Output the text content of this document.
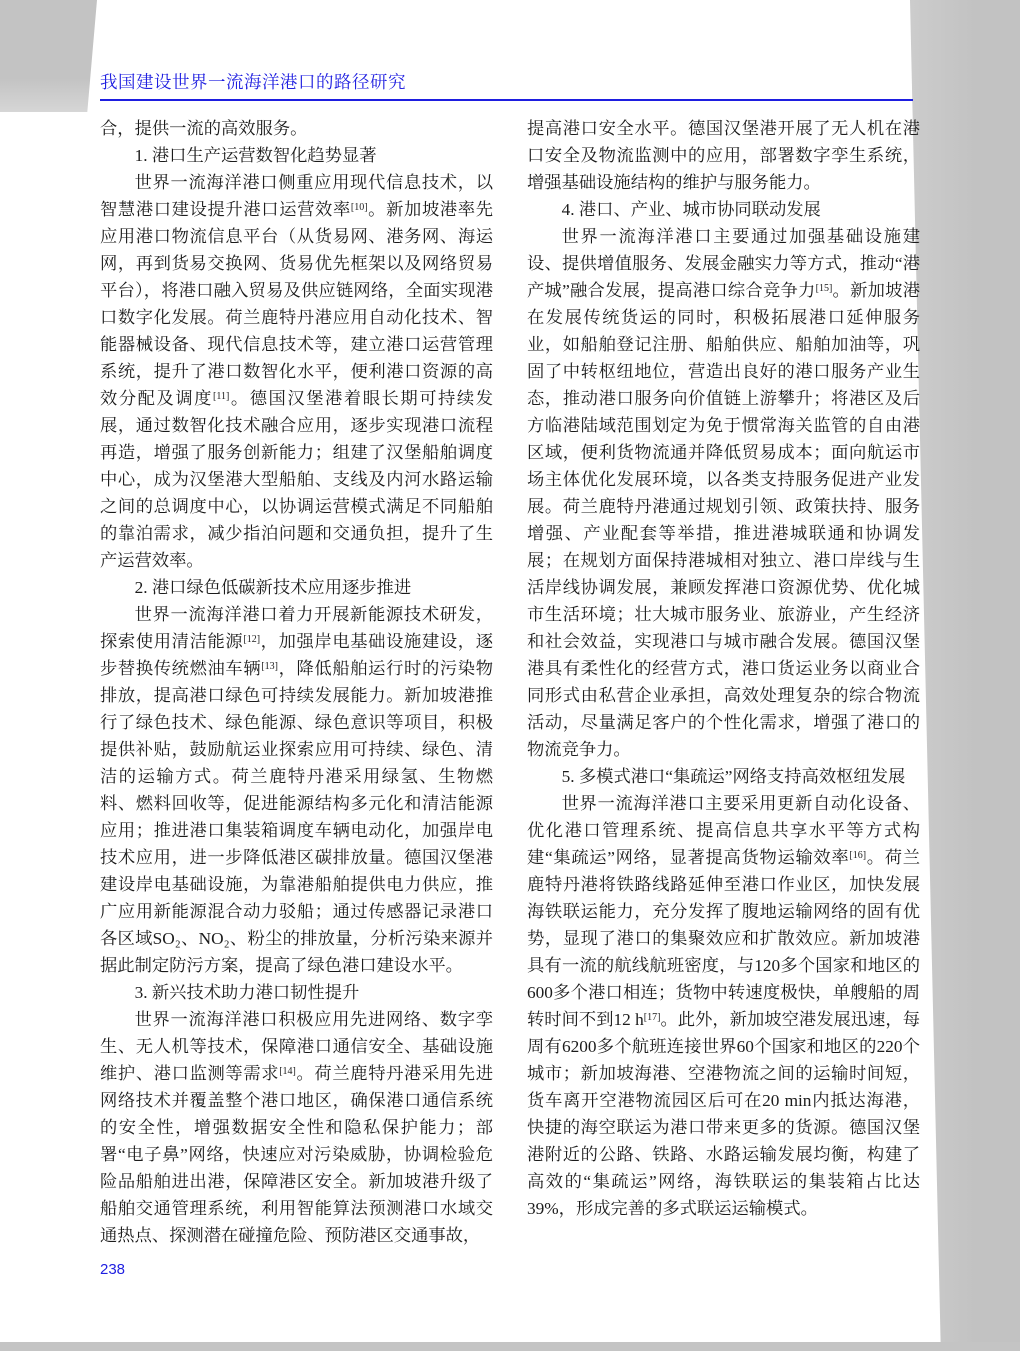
我国建设世界一流海洋港口的路径研究
合，提供一流的高效服务。
1. 港口生产运营数智化趋势显著
世界一流海洋港口侧重应用现代信息技术，以智慧港口建设提升港口运营效率[10]。新加坡港率先应用港口物流信息平台（从货易网、港务网、海运网，再到货易交换网、货易优先框架以及网络贸易平台），将港口融入贸易及供应链网络，全面实现港口数字化发展。荷兰鹿特丹港应用自动化技术、智能器械设备、现代信息技术等，建立港口运营管理系统，提升了港口数智化水平，便利港口资源的高效分配及调度[11]。德国汉堡港着眼长期可持续发展，通过数智化技术融合应用，逐步实现港口流程再造，增强了服务创新能力；组建了汉堡船舶调度中心，成为汉堡港大型船舶、支线及内河水路运输之间的总调度中心，以协调运营模式满足不同船舶的靠泊需求，减少指泊问题和交通负担，提升了生产运营效率。
2. 港口绿色低碳新技术应用逐步推进
世界一流海洋港口着力开展新能源技术研发，探索使用清洁能源[12]，加强岸电基础设施建设，逐步替换传统燃油车辆[13]，降低船舶运行时的污染物排放，提高港口绿色可持续发展能力。新加坡港推行了绿色技术、绿色能源、绿色意识等项目，积极提供补贴，鼓励航运业探索应用可持续、绿色、清洁的运输方式。荷兰鹿特丹港采用绿氢、生物燃料、燃料回收等，促进能源结构多元化和清洁能源应用；推进港口集装箱调度车辆电动化，加强岸电技术应用，进一步降低港区碳排放量。德国汉堡港建设岸电基础设施，为靠港船舶提供电力供应，推广应用新能源混合动力驳船；通过传感器记录港口各区域SO₂、NO₂、粉尘的排放量，分析污染来源并据此制定防污方案，提高了绿色港口建设水平。
3. 新兴技术助力港口韧性提升
世界一流海洋港口积极应用先进网络、数字孪生、无人机等技术，保障港口通信安全、基础设施维护、港口监测等需求[14]。荷兰鹿特丹港采用先进网络技术并覆盖整个港口地区，确保港口通信系统的安全性，增强数据安全性和隐私保护能力；部署“电子鼻”网络，快速应对污染威胁，协调检验危险品船舶进出港，保障港区安全。新加坡港升级了船舶交通管理系统，利用智能算法预测港口水域交通热点、探测潜在碰撞危险、预防港区交通事故，
提高港口安全水平。德国汉堡港开展了无人机在港口安全及物流监测中的应用，部署数字孪生系统，增强基础设施结构的维护与服务能力。
4. 港口、产业、城市协同联动发展
世界一流海洋港口主要通过加强基础设施建设、提供增值服务、发展金融实力等方式，推动“港产城”融合发展，提高港口综合竞争力[15]。新加坡港在发展传统货运的同时，积极拓展港口延伸服务业，如船舶登记注册、船舶供应、船舶加油等，巩固了中转枢纽地位，营造出良好的港口服务产业生态，推动港口服务向价值链上游攀升；将港区及后方临港陆域范围划定为免于惯常海关监管的自由港区域，便利货物流通并降低贸易成本；面向航运市场主体优化发展环境，以各类支持服务促进产业发展。荷兰鹿特丹港通过规划引领、政策扶持、服务增强、产业配套等举措，推进港城联通和协调发展；在规划方面保持港城相对独立、港口岸线与生活岸线协调发展，兼顾发挥港口资源优势、优化城市生活环境；壮大城市服务业、旅游业，产生经济和社会效益，实现港口与城市融合发展。德国汉堡港具有柔性化的经营方式，港口货运业务以商业合同形式由私营企业承担，高效处理复杂的综合物流活动，尽量满足客户的个性化需求，增强了港口的物流竞争力。
5. 多模式港口“集疏运”网络支持高效枢纽发展
世界一流海洋港口主要采用更新自动化设备、优化港口管理系统、提高信息共享水平等方式构建“集疏运”网络，显著提高货物运输效率[16]。荷兰鹿特丹港将铁路线路延伸至港口作业区，加快发展海铁联运能力，充分发挥了腹地运输网络的固有优势，显现了港口的集聚效应和扩散效应。新加坡港具有一流的航线航班密度，与120多个国家和地区的600多个港口相连；货物中转速度极快，单艘船的周转时间不到12 h[17]。此外，新加坡空港发展迅速，每周有6200多个航班连接世界60个国家和地区的220个城市；新加坡海港、空港物流之间的运输时间短，货车离开空港物流园区后可在20 min内抵达海港，快捷的海空联运为港口带来更多的货源。德国汉堡港附近的公路、铁路、水路运输发展均衡，构建了高效的“集疏运”网络，海铁联运的集装箱占比达39%，形成完善的多式联运运输模式。
238
